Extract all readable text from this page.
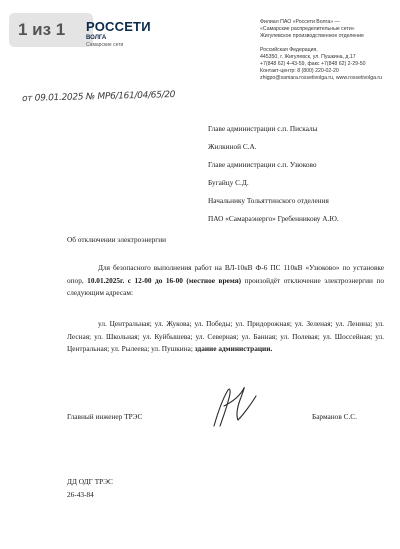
1 из 1 РОССЕТИ
ВОЛГА
Самарские сети
Филиал ПАО «Россети Волга» —
«Самарские распределительные сети»
Жигулевское производственное отделение
Российская Федерация,
445350, г. Жигулевск, ул. Пушкина, д.17
+7(848 62) 4-43-59, факс +7(848 62) 2-29-50
Контакт-центр: 8 (800) 220-02-20
zhigpo@samara.rossetivolga.ru, www.rossetivolga.ru
от 09.01.2025 № МР6/161/04/65/20
Главе администрации с.п. Пискалы
Жилкиной С.А.
Главе администрации с.п. Узюково
Бугайцу С.Д.
Начальнику Тольяттинского отделения
ПАО «Самараэнерго» Гребенникову А.Ю.
Об отключении электроэнергии
Для безопасного выполнения работ на ВЛ-10кВ Ф-6 ПС 110кВ «Узюково» по установке опор, 10.01.2025г. с 12-00 до 16-00 (местное время) произойдёт отключение электроэнергии по следующим адресам:
ул. Центральная; ул. Жукова; ул. Победы; ул. Придорожная; ул. Зеленая; ул. Ленина; ул. Лесная; ул. Школьная; ул. Куйбышева; ул. Северная; ул. Банная; ул. Полевая; ул. Шоссейная; ул. Центральная; ул. Рылеева; ул. Пушкина; здание администрации.
Главный инженер ТРЭС	Барманов С.С.
ДД ОДГ ТРЭС
26-43-84
